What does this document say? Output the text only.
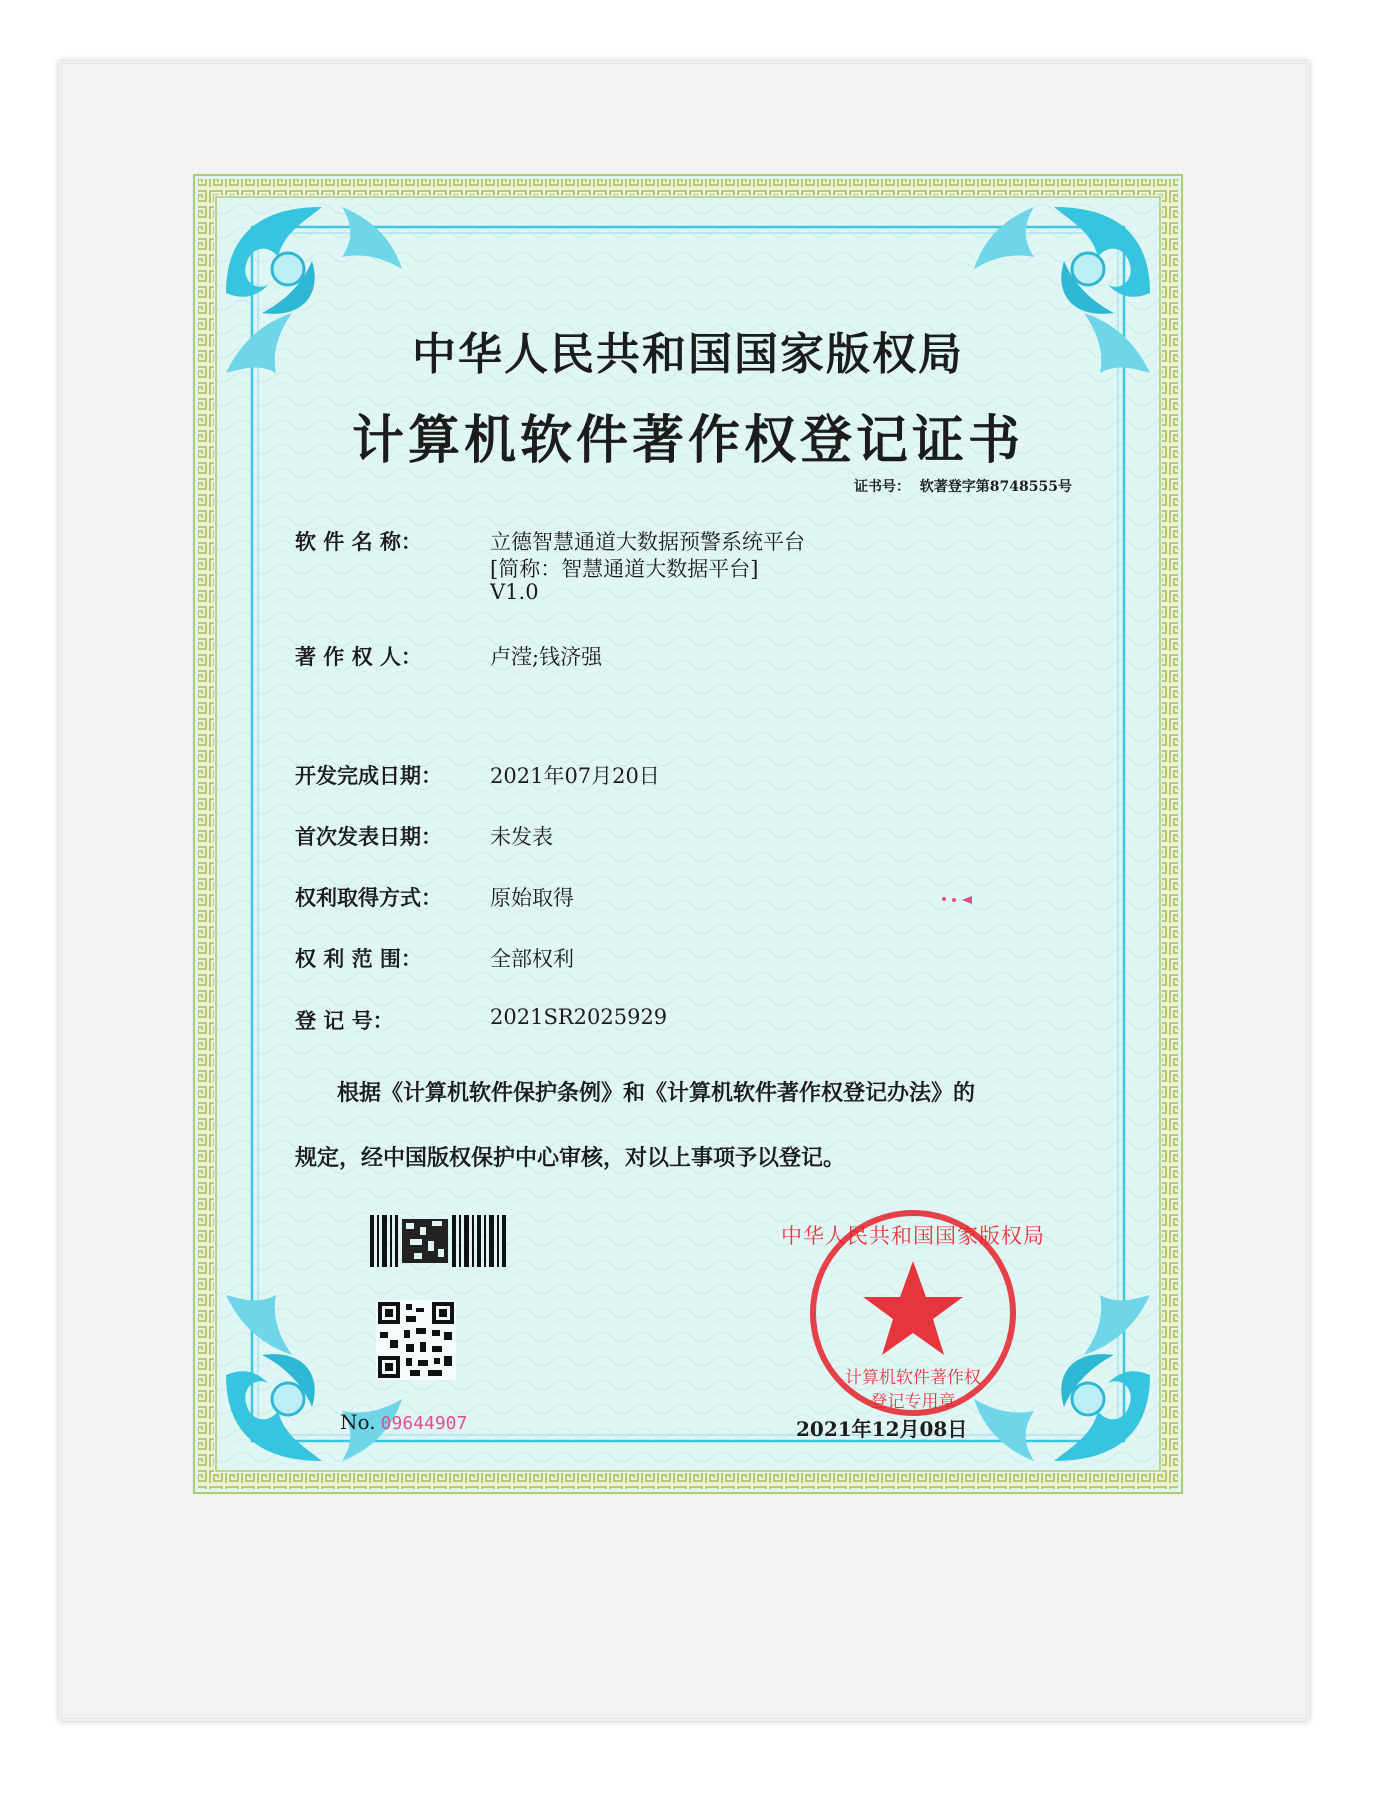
中华人民共和国国家版权局
计算机软件著作权
登记专用章
中华人民共和国国家版权局
计算机软件著作权登记证书
证书号： 软著登字第8748555号
软 件 名 称：	立德智慧通道大数据预警系统平台
[简称：智慧通道大数据平台]
V1.0
著 作 权 人：	卢滢;钱济强
开发完成日期： 2021年07月20日
首次发表日期： 未发表
权利取得方式： 原始取得
权 利 范 围：	全部权利
登 记 号：	2021SR2025929
根据《计算机软件保护条例》和《计算机软件著作权登记办法》的
规定，经中国版权保护中心审核，对以上事项予以登记。
No. 09644907	2021年12月08日
